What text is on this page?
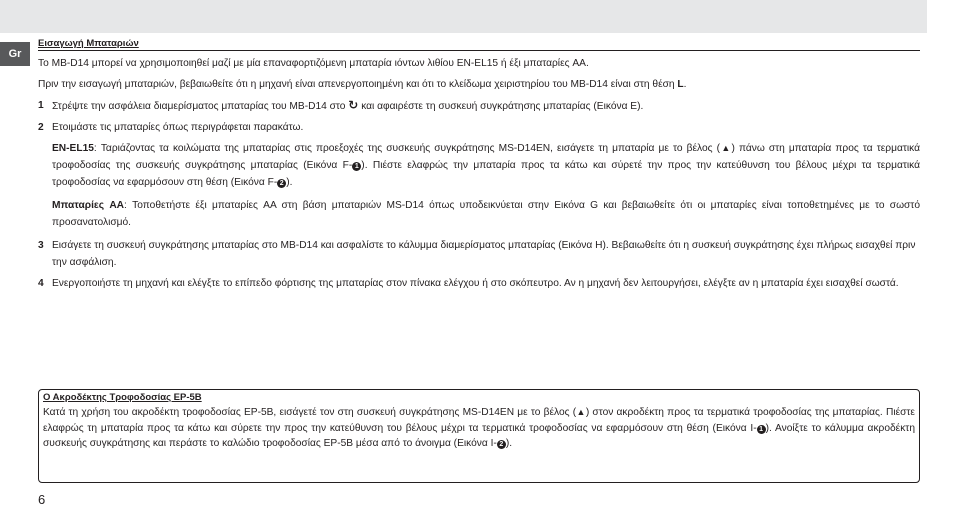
Gr
Εισαγωγή Μπαταριών

Το MB-D14 μπορεί να χρησιμοποιηθεί μαζί με μία επαναφορτιζόμενη μπαταρία ιόντων λιθίου EN-EL15 ή έξι μπαταρίες AA.

Πριν την εισαγωγή μπαταριών, βεβαιωθείτε ότι η μηχανή είναι απενεργοποιημένη και ότι το κλείδωμα χειριστηρίου του MB-D14 είναι στη θέση L.

1 Στρέψτε την ασφάλεια διαμερίσματος μπαταρίας του MB-D14 στο ↻ και αφαιρέστε τη συσκευή συγκράτησης μπαταρίας (Εικόνα E).

2 Ετοιμάστε τις μπαταρίες όπως περιγράφεται παρακάτω.

EN-EL15: Ταριάζοντας τα κοιλώματα της μπαταρίας στις προεξοχές της συσκευής συγκράτησης MS-D14EN, εισάγετε τη μπαταρία με το βέλος (▲) πάνω στη μπαταρία προς τα τερματικά τροφοδοσίας της συσκευής συγκράτησης μπαταρίας (Εικόνα F- 1 ). Πιέστε ελαφρώς την μπαταρία προς τα κάτω και σύρετέ την προς την κατεύθυνση του βέλους μέχρι τα τερματικά τροφοδοσίας να εφαρμόσουν στη θέση (Εικόνα F- 2 ).

Μπαταρίες AA: Τοποθετήστε έξι μπαταρίες AA στη βάση μπαταριών MS-D14 όπως υποδεικνύεται στην Εικόνα G και βεβαιωθείτε ότι οι μπαταρίες είναι τοποθετημένες με το σωστό προσανατολισμό.

3 Εισάγετε τη συσκευή συγκράτησης μπαταρίας στο MB-D14 και ασφαλίστε το κάλυμμα διαμερίσματος μπαταρίας (Εικόνα H). Βεβαιωθείτε ότι η συσκευή συγκράτησης έχει πλήρως εισαχθεί πριν την ασφάλιση.

4 Ενεργοποιήστε τη μηχανή και ελέγξτε το επίπεδο φόρτισης της μπαταρίας στον πίνακα ελέγχου ή στο σκόπευτρο. Αν η μηχανή δεν λειτουργήσει, ελέγξτε αν η μπαταρία έχει εισαχθεί σωστά.

Ο Ακροδέκτης Τροφοδοσίας EP-5B

Κατά τη χρήση του ακροδέκτη τροφοδοσίας EP-5B, εισάγετέ τον στη συσκευή συγκράτησης MS-D14EN με το βέλος (▲) στον ακροδέκτη προς τα τερματικά τροφοδοσίας της μπαταρίας. Πιέστε ελαφρώς τη μπαταρία προς τα κάτω και σύρετε την προς την κατεύθυνση του βέλους μέχρι τα τερματικά τροφοδοσίας να εφαρμόσουν στη θέση (Εικόνα I- 1 ). Ανοίξτε το κάλυμμα ακροδέκτη συσκευής συγκράτησης και περάστε το καλώδιο τροφοδοσίας EP-5B μέσα από το άνοιγμα (Εικόνα I- 2 ).

6
